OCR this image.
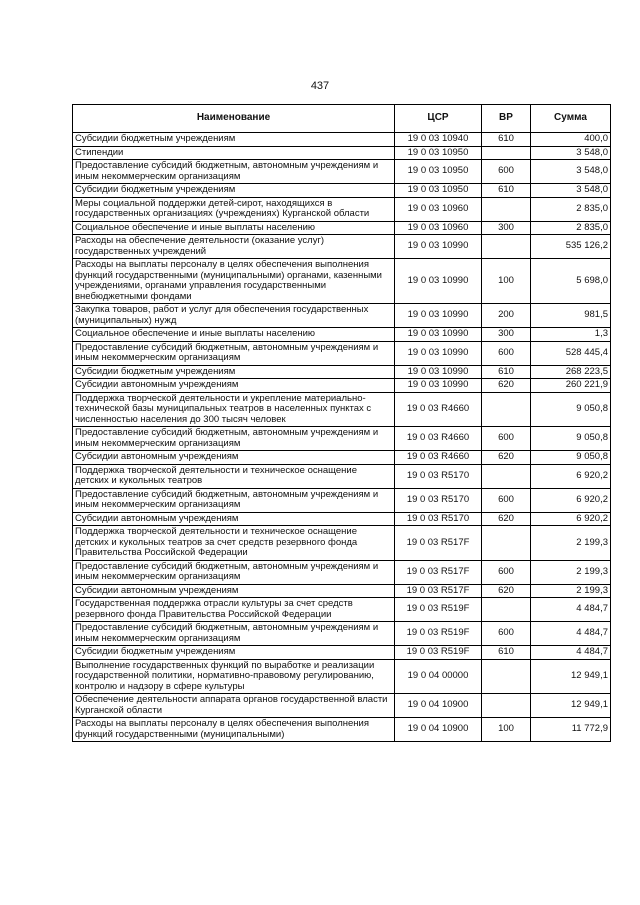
437
Наименование	ЦСР	ВР	Сумма
Субсидии бюджетным учреждениям	19 0 03 10940	610	400,0
Стипендии	19 0 03 10950		3 548,0
Предоставление субсидий бюджетным, автономным учреждениям и иным некоммерческим организациям	19 0 03 10950	600	3 548,0
Субсидии бюджетным учреждениям	19 0 03 10950	610	3 548,0
Меры социальной поддержки детей-сирот, находящихся в государственных организациях (учреждениях) Курганской области	19 0 03 10960		2 835,0
Социальное обеспечение и иные выплаты населению	19 0 03 10960	300	2 835,0
Расходы на обеспечение деятельности (оказание услуг) государственных учреждений	19 0 03 10990		535 126,2
Расходы на выплаты персоналу в целях обеспечения выполнения функций государственными (муниципальными) органами, казенными учреждениями, органами управления государственными внебюджетными фондами	19 0 03 10990	100	5 698,0
Закупка товаров, работ и услуг для обеспечения государственных (муниципальных) нужд	19 0 03 10990	200	981,5
Социальное обеспечение и иные выплаты населению	19 0 03 10990	300	1,3
Предоставление субсидий бюджетным, автономным учреждениям и иным некоммерческим организациям	19 0 03 10990	600	528 445,4
Субсидии бюджетным учреждениям	19 0 03 10990	610	268 223,5
Субсидии автономным учреждениям	19 0 03 10990	620	260 221,9
Поддержка творческой деятельности и укрепление материально-технической базы муниципальных театров в населенных пунктах с численностью населения до 300 тысяч человек	19 0 03 R4660		9 050,8
Предоставление субсидий бюджетным, автономным учреждениям и иным некоммерческим организациям	19 0 03 R4660	600	9 050,8
Субсидии автономным учреждениям	19 0 03 R4660	620	9 050,8
Поддержка творческой деятельности и техническое оснащение детских и кукольных театров	19 0 03 R5170		6 920,2
Предоставление субсидий бюджетным, автономным учреждениям и иным некоммерческим организациям	19 0 03 R5170	600	6 920,2
Субсидии автономным учреждениям	19 0 03 R5170	620	6 920,2
Поддержка творческой деятельности и техническое оснащение детских и кукольных театров за счет средств резервного фонда Правительства Российской Федерации	19 0 03 R517F		2 199,3
Предоставление субсидий бюджетным, автономным учреждениям и иным некоммерческим организациям	19 0 03 R517F	600	2 199,3
Субсидии автономным учреждениям	19 0 03 R517F	620	2 199,3
Государственная поддержка отрасли культуры за счет средств резервного фонда Правительства Российской Федерации	19 0 03 R519F		4 484,7
Предоставление субсидий бюджетным, автономным учреждениям и иным некоммерческим организациям	19 0 03 R519F	600	4 484,7
Субсидии бюджетным учреждениям	19 0 03 R519F	610	4 484,7
Выполнение государственных функций по выработке и реализации государственной политики, нормативно-правовому регулированию, контролю и надзору в сфере культуры	19 0 04 00000		12 949,1
Обеспечение деятельности аппарата органов государственной власти Курганской области	19 0 04 10900		12 949,1
Расходы на выплаты персоналу в целях обеспечения выполнения функций государственными (муниципальными)	19 0 04 10900	100	11 772,9
